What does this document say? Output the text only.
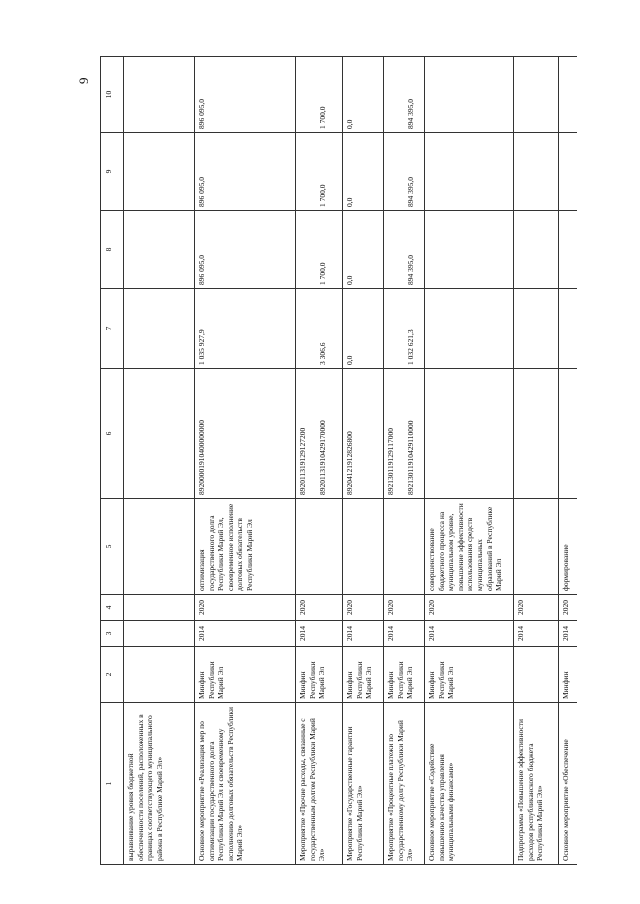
9
1	2	3	4	5	6	7	8	9	10
выравнивание уровня бюджетной обеспеченности поселений, расположенных в границах соответствующего муниципального района в Республике Марий Эл»									
Основное мероприятие «Реализация мер по оптимизации государственного долга Республики Марий Эл и своевременному исполнению долговых обязательств Республики Марий Эл»	Минфин Республики Марий Эл	2014	2020	оптимизация государственного долга Республики Марий Эл, своевременное исполнение долговых обязательств Республики Марий Эл	89200001910400000000	1 035 927,9	896 095,0	896 095,0	896 095,0

Мероприятие «Прочие расходы, связанные с государственным долгом Республики Марий Эл»	Минфин Республики Марий Эл	2014	2020		892011319129127200 89201131910429170000	3 306,6	1 700,0	1 700,0	1 700,0

Мероприятие «Государственные гарантии Республики Марий Эл»	Минфин Республики Марий Эл	2014	2020		89204121912826800	0,0	0,0	0,0	0,0

Мероприятие «Процентные платежи по государственному долгу Республики Марий Эл»	Минфин Республики Марий Эл	2014	2020		892130119129117000 89213011910429110000	1 032 621,3	894 395,0	894 395,0	894 395,0

Основное мероприятие «Содействие повышению качества управления муниципальными финансами»	Минфин Республики Марий Эл	2014	2020	совершенствование бюджетного процесса на муниципальном уровне, повышение эффективности использования средств муниципальных образований в Республике Марий Эл					
Подпрограмма «Повышение эффективности расходов республиканского бюджета Республики Марий Эл»		2014	2020						
Основное мероприятие «Обеспечение	Минфин	2014	2020	формирование					
